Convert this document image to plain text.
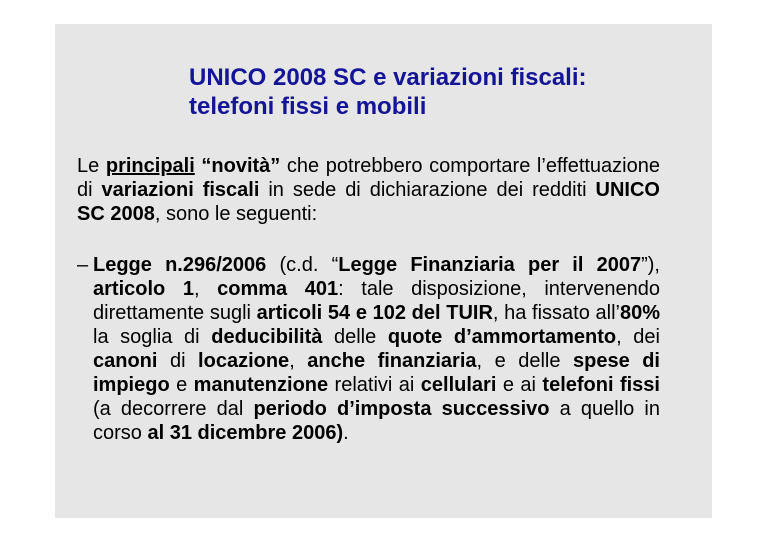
UNICO 2008 SC e variazioni fiscali:
telefoni fissi e mobili
Le principali “novità” che potrebbero comportare l’effettuazione di variazioni fiscali in sede di dichiarazione dei redditi UNICO SC 2008, sono le seguenti:
– Legge n.296/2006 (c.d. “Legge Finanziaria per il 2007”), articolo 1, comma 401: tale disposizione, intervenendo direttamente sugli articoli 54 e 102 del TUIR, ha fissato all’80% la soglia di deducibilità delle quote d’ammortamento, dei canoni di locazione, anche finanziaria, e delle spese di impiego e manutenzione relativi ai cellulari e ai telefoni fissi (a decorrere dal periodo d’imposta successivo a quello in corso al 31 dicembre 2006).
